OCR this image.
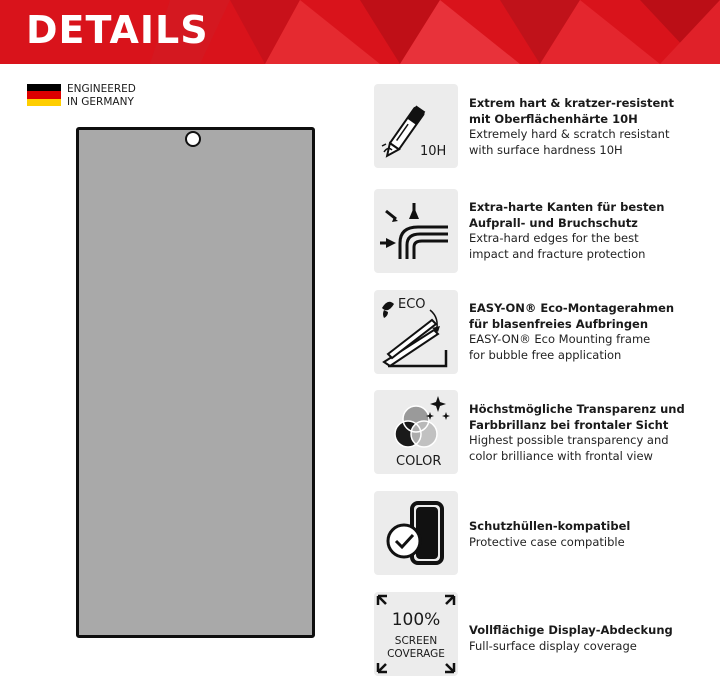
DETAILS
ENGINEERED
IN GERMANY
10H
Extrem hart & kratzer-resistent
mit Oberflächenhärte 10H
Extremely hard & scratch resistant
with surface hardness 10H
Extra-harte Kanten für besten
Aufprall- und Bruchschutz
Extra-hard edges for the best
impact and fracture protection
ECO	EASY-ON® Eco-Montagerahmen
für blasenfreies Aufbringen
EASY-ON® Eco Mounting frame
for bubble free application
COLOR
Höchstmögliche Transparenz und
Farbbrillanz bei frontaler Sicht
Highest possible transparency and
color brilliance with frontal view
Schutzhüllen-kompatibel
Protective case compatible
100%
SCREEN
COVERAGE
Vollflächige Display-Abdeckung
Full-surface display coverage
